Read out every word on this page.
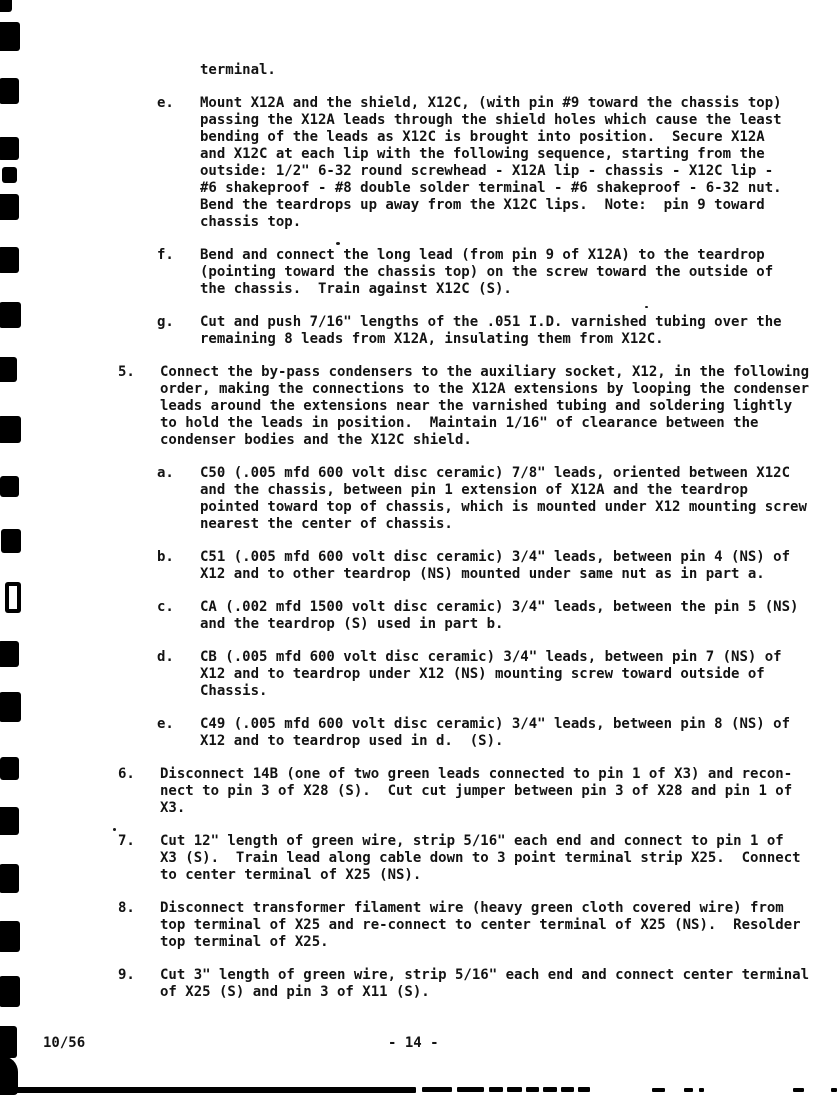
terminal.
e. Mount X12A and the shield, X12C, (with pin #9 toward the chassis top)
passing the X12A leads through the shield holes which cause the least
bending of the leads as X12C is brought into position.  Secure X12A
and X12C at each lip with the following sequence, starting from the
outside: 1/2" 6-32 round screwhead - X12A lip - chassis - X12C lip -
#6 shakeproof - #8 double solder terminal - #6 shakeproof - 6-32 nut.
Bend the teardrops up away from the X12C lips.  Note:  pin 9 toward
chassis top.
f. Bend and connect the long lead (from pin 9 of X12A) to the teardrop
(pointing toward the chassis top) on the screw toward the outside of
the chassis.  Train against X12C (S).
g. Cut and push 7/16" lengths of the .051 I.D. varnished tubing over the
remaining 8 leads from X12A, insulating them from X12C.
5. Connect the by-pass condensers to the auxiliary socket, X12, in the following
order, making the connections to the X12A extensions by looping the condenser
leads around the extensions near the varnished tubing and soldering lightly
to hold the leads in position.  Maintain 1/16" of clearance between the
condenser bodies and the X12C shield.
a. C50 (.005 mfd 600 volt disc ceramic) 7/8" leads, oriented between X12C
and the chassis, between pin 1 extension of X12A and the teardrop
pointed toward top of chassis, which is mounted under X12 mounting screw
nearest the center of chassis.
b. C51 (.005 mfd 600 volt disc ceramic) 3/4" leads, between pin 4 (NS) of
X12 and to other teardrop (NS) mounted under same nut as in part a.
c. CA (.002 mfd 1500 volt disc ceramic) 3/4" leads, between the pin 5 (NS)
and the teardrop (S) used in part b.
d. CB (.005 mfd 600 volt disc ceramic) 3/4" leads, between pin 7 (NS) of
X12 and to teardrop under X12 (NS) mounting screw toward outside of
Chassis.
e. C49 (.005 mfd 600 volt disc ceramic) 3/4" leads, between pin 8 (NS) of
X12 and to teardrop used in d.  (S).
6. Disconnect 14B (one of two green leads connected to pin 1 of X3) and recon-
nect to pin 3 of X28 (S).  Cut cut jumper between pin 3 of X28 and pin 1 of
X3.
7. Cut 12" length of green wire, strip 5/16" each end and connect to pin 1 of
X3 (S).  Train lead along cable down to 3 point terminal strip X25.  Connect
to center terminal of X25 (NS).
8. Disconnect transformer filament wire (heavy green cloth covered wire) from
top terminal of X25 and re-connect to center terminal of X25 (NS).  Resolder
top terminal of X25.
9. Cut 3" length of green wire, strip 5/16" each end and connect center terminal
of X25 (S) and pin 3 of X11 (S).
10/56	- 14 -
